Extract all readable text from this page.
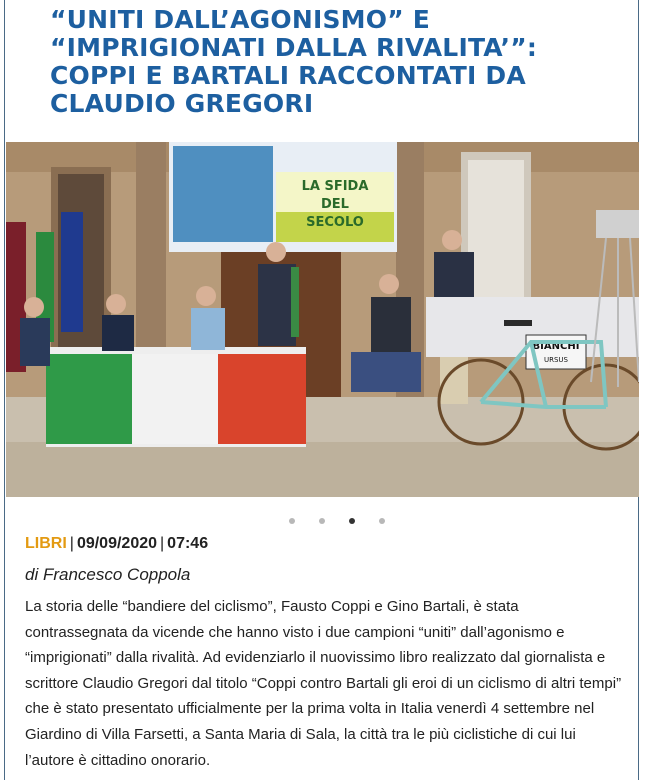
“UNITI DALL’AGONISMO” E “IMPRIGIONATI DALLA RIVALITA’”: COPPI E BARTALI RACCONTATI DA CLAUDIO GREGORI
LA SFIDA
DEL
SECOLO
BIANCHI
URSUS
LIBRI | 09/09/2020 | 07:46
di Francesco Coppola

La storia delle “bandiere del ciclismo”, Fausto Coppi e Gino Bartali, è stata contrassegnata da vicende che hanno visto i due campioni “uniti” dall’agonismo e “imprigionati” dalla rivalità. Ad evidenziarlo il nuovissimo libro realizzato dal giornalista e scrittore Claudio Gregori dal titolo “Coppi contro Bartali gli eroi di un ciclismo di altri tempi” che è stato presentato ufficialmente per la prima volta in Italia venerdì 4 settembre nel Giardino di Villa Farsetti, a Santa Maria di Sala, la città tra le più ciclistiche di cui lui l’autore è cittadino onorario.
